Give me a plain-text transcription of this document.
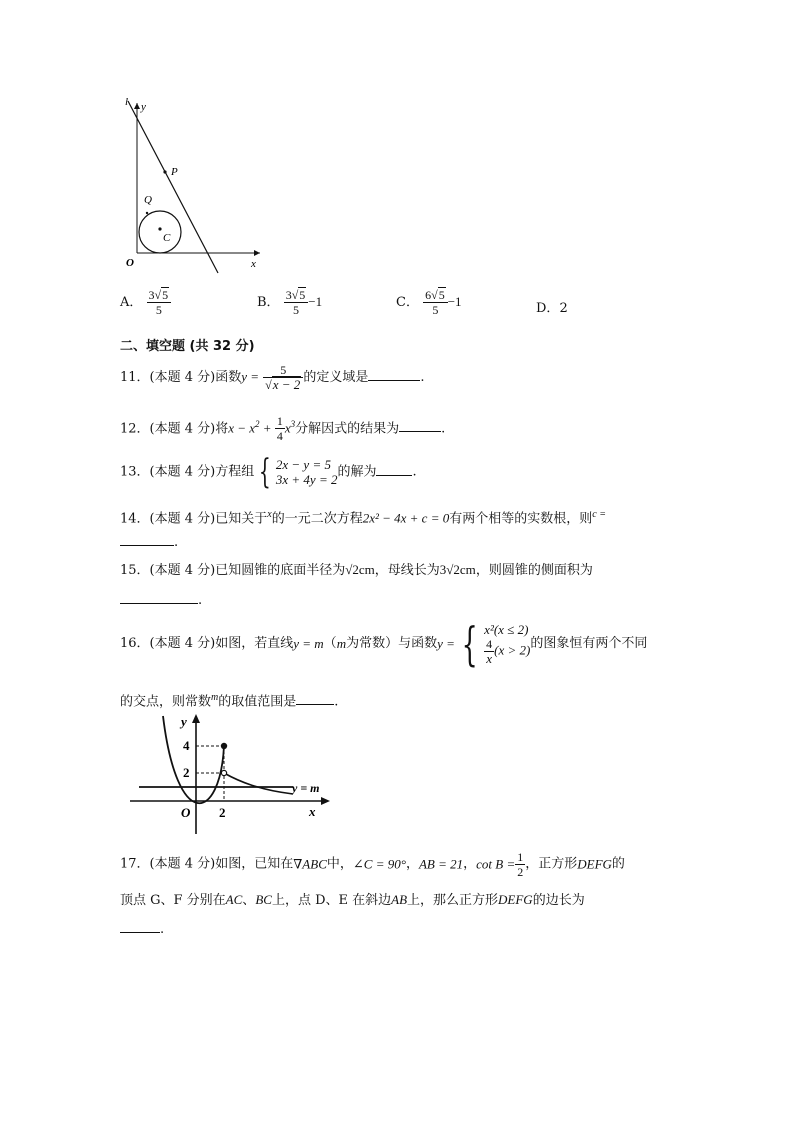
l y
P
Q
C
O	x
A． $\frac{3√5}{5}$	B． $\frac{3√5}{5} -1$	C． $\frac{6√5}{5} -1$	D．2
二、填空题 (共 32 分)
11．(本题 4 分)函数$y = \frac{5}{√x - 2}$ 的定义域是	.
12．(本题 4 分)将$x - x^2 + \frac{1}{4} x^3$分解因式的结果为	.
13．(本题 4 分)方程组 { 2x − y = 5
3x + 4y = 2 的解为	.
14．(本题 4 分)已知关于$^x$的一元二次方程2x² − 4x + c = 0有两个相等的实数根，则$^{c =}$
.
15．(本题 4 分)已知圆锥的底面半径为√2cm，母线长为3√2cm，则圆锥的侧面积为
.
16．(本题 4 分)如图，若直线y = m（m为常数）与函数y = { x²(x ≤ 2)
$\frac{4}{x} (x > 2)$ 的图象恒有两个不同
的交点，则常数$^m$的取值范围是	.
y
4
2
O 2	x
y = m
17．(本题 4 分)如图，已知在∇ABC中，∠C = 90°，AB = 21，$\cot B = \frac{1}{2}$ ，正方形DEFG的
顶点 G、F 分别在AC、BC上，点 D、E 在斜边AB上，那么正方形DEFG的边长为
.
